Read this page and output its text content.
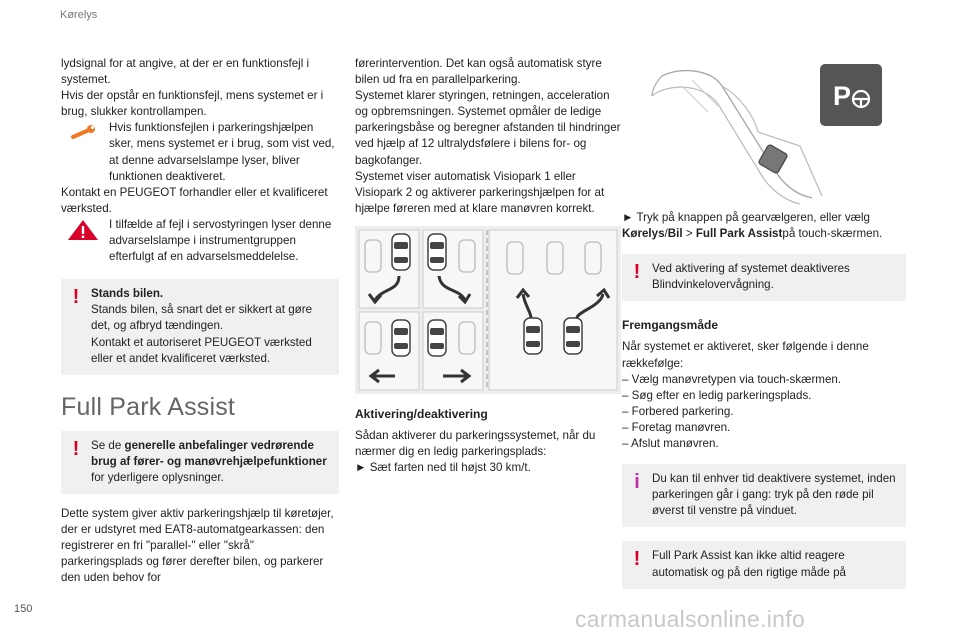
Kørelys

lydsignal for at angive, at der er en funktionsfejl i systemet.

Hvis der opstår en funktionsfejl, mens systemet er i brug, slukker kontrollampen.

Hvis funktionsfejlen i parkeringshjælpen sker, mens systemet er i brug, som vist ved, at denne advarselslampe lyser, bliver funktionen deaktiveret.

Kontakt en PEUGEOT forhandler eller et kvalificeret værksted.

I tilfælde af fejl i servostyringen lyser denne advarselslampe i instrumentgruppen efterfulgt af en advarselsmeddelelse.

! Stands bilen.

Stands bilen, så snart det er sikkert at gøre det, og afbryd tændingen.

Kontakt et autoriseret PEUGEOT værksted eller et andet kvalificeret værksted.

Full Park Assist
! Se de generelle anbefalinger vedrørende brug af fører- og manøvrehjælpefunktioner for yderligere oplysninger.

Dette system giver aktiv parkeringshjælp til køretøjer, der er udstyret med EAT8-automatgearkassen: den registrerer en fri "parallel-" eller "skrå" parkeringsplads og fører derefter bilen, og parkerer den uden behov for

førerintervention. Det kan også automatisk styre bilen ud fra en parallelparkering.

Systemet klarer styringen, retningen, acceleration og opbremsningen. Systemet opmåler de ledige parkeringsbåse og beregner afstanden til hindringer ved hjælp af 12 ultralydsfølere i bilens for- og bagkofanger.

Systemet viser automatisk Visiopark 1 eller Visiopark 2 og aktiverer parkeringshjælpen for at hjælpe føreren med at klare manøvren korrekt.

Aktivering/deaktivering

Sådan aktiverer du parkeringssystemet, når du nærmer dig en ledig parkeringsplads:

► Sæt farten ned til højst 30 km/t.

P

► Tryk på knappen på gearvælgeren, eller vælg Kørelys/Bil > Full Park Assistpå touch-skærmen.

! Ved aktivering af systemet deaktiveres Blindvinkelovervågning.

Fremgangsmåde

Når systemet er aktiveret, sker følgende i denne rækkefølge:

– Vælg manøvretypen via touch-skærmen.

– Søg efter en ledig parkeringsplads.

– Forbered parkering.

– Foretag manøvren.

– Afslut manøvren.

i Du kan til enhver tid deaktivere systemet, inden parkeringen går i gang: tryk på den røde pil øverst til venstre på vinduet.

! Full Park Assist kan ikke altid reagere automatisk og på den rigtige måde på

150	carmanualsonline.info
